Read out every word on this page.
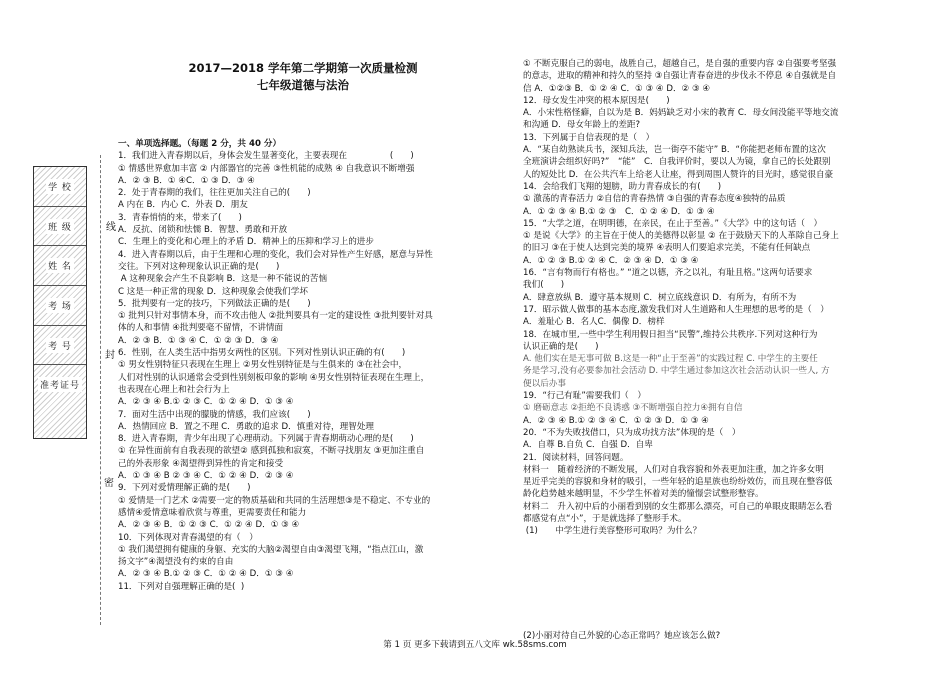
2017—2018 学年第二学期第一次质量检测
七年级道德与法治
学 校
班 级
姓 名
考 场
考 号
准考证号
线
封
密

一、单项选择题。（每题 2 分，共 40 分）

1．我们进入青春期以后，身体会发生显著变化，主要表现在　　　　　(　　)

① 情感世界愈加丰富 ② 内部器官的完善 ③性机能的成熟 ④ 自我意识不断增强

A．② ③ B．① ④C．① ③ D．③ ④

2．处于青春期的我们，往往更加关注自己的(　　)

A 内在 B．内心 C．外表 D．朋友

3．青春悄悄的来，带来了(　　)

A．反抗、闭锁和怯懦 B．智慧、勇敢和开放

C．生理上的变化和心理上的矛盾 D．精神上的压抑和学习上的进步

4．进入青春期以后，由于生理和心理的变化，我们会对异性产生好感，愿意与异性

交往。下列对这种现象认识正确的是(　　)

A 这种现象会产生不良影响 B．这是一种不能说的苦恼

C 这是一种正常的现象 D．这种现象会使我们学坏

5．批判要有一定的技巧，下列做法正确的是(　　)

① 批判只针对事情本身，而不攻击他人 ②批判要具有一定的建设性 ③批判要针对具

体的人和事情 ④批判要毫不留情，不讲情面

A．② ③ B．① ③ ④ C．① ② ③ D．③ ④

6．性别，在人类生活中指男女两性的区别。下列对性别认识正确的有(　　)

① 男女性别特征只表现在生理上 ②男女性别特征是与生俱来的 ③在社会中，

人们对性别的认识通常会受到性别刻板印象的影响 ④男女性别特征表现在生理上，

也表现在心理上和社会行为上

A．② ③ ④ B.① ② ③ C．① ② ④ D．① ③ ④

7．面对生活中出现的朦胧的情感，我们应该(　　)

A．热情回应 B．置之不理 C．勇敢的追求 D．慎重对待，理智处理

8．进入青春期，青少年出现了心理萌动。下列属于青春期萌动心理的是(　　)

① 在异性面前有自我表现的欲望② 感到孤独和寂寞，不断寻找朋友 ③更加注重自

己的外表形象 ④渴望得到异性的肯定和接受

A．① ③ ④ B ② ③ ④ C．① ② ④ D．② ③ ④

9．下列对爱情理解正确的是(　　)

① 爱情是一门艺术 ②需要一定的物质基础和共同的生活理想③是不稳定、不专业的

感情④爱情意味着欣赏与尊重，更需要责任和能力

A．② ③ ④ B．① ② ③ C．① ② ④ D．① ③ ④

10．下列体现对青春渴望的有（　）

① 我们渴望拥有健康的身躯、充实的大脑②渴望自由③渴望飞翔，“指点江山，激

扬文字”④渴望没有约束的自由

A．② ③ ④ B.① ② ③ C．① ② ④ D．① ③ ④

11．下列对自强理解正确的是(  )

① 不断克服自己的弱电，战胜自己，超越自己，是自强的重要内容 ②自强要考坚强

的意志，进取的精神和持久的坚持 ③自强让青春奋进的步伐永不停息 ④自强就是自

信 A．①②③ B．① ② ④ C．① ③ ④ D．② ③ ④

12．母女发生冲突的根本原因是(　　)

A．小宋性格怪癖，自以为是 B．妈妈缺乏对小宋的教育 C．母女间没能平等地交流

和沟通 D．母女年龄上的差距?

13．下列属于自信表现的是（　）

A．“某自幼熟读兵书，深知兵法，岂一街亭不能守” B．“你能把老师布置的这次

全班演讲会组织好吗?”　“能”　C．自我评价时，要以人为镜，拿自己的长处跟别

人的短处比 D．在公共汽车上给老人让座，得到周围人赞许的目光时，感觉很自豪

14．会给我们飞翔的翅膀，助力青春成长的有(　　)

① 激荡的青春活力 ②自信的青春热情 ③自强的青春态度④独特的品质

A．① ② ③ ④ B.① ② ③　C．① ② ④ D．① ③ ④

15．“大学之道，在明明德，在亲民，在止于至善。”《大学》中的这句话（　）

① 是说《大学》的主旨在于使人的美德得以彰显 ② 在于鼓励天下的人革除自己身上

的旧习 ③在于使人达到完美的境界 ④表明人们要追求完美，不能有任何缺点

A．① ② ③ B.① ② ④ C．② ③ ④ D．① ③ ④

16．“言有物而行有格也。” “道之以德，齐之以礼，有耻且格。”这两句话要求

我们(　　)

A．肆意放纵 B．遵守基本规则 C．树立底线意识 D．有所为，有所不为

17．昭示做人做事的基本态度,激发我们对人生道路和人生理想的思考的是（　）

A．羞耻心 B．名人C．偶像 D．榜样

18．在城市里,一些中学生利用假日担当“民警”,维持公共秩序.下列对这种行为

认识正确的是(　　)

A. 他们实在是无事可做 B.这是一种“止于至善”的实践过程 C. 中学生的主要任

务是学习,没有必要参加社会活动 D. 中学生通过参加这次社会活动认识一些人, 方

便以后办事

19．“行己有耻”需要我们（　）

① 磨砺意志 ②拒绝不良诱惑 ③不断增强自控力④拥有自信

A．② ③ ④ B.① ② ③ ④ C．① ② ③ D．① ③ ④

20．“不为失败找借口，只为成功找方法”体现的是（　）

A．自尊 B.自负 C．自强 D．自卑

21．阅读材料，回答问题。

材料一　随着经济的不断发展，人们对自我容貌和外表更加注重，加之许多女明

星近乎完美的容貌和身材的吸引，一些年轻的追星族也纷纷效仿，而且现在整容低

龄化趋势越来越明显，不少学生怀着对美的憧憬尝试整形整容。

材料二　升入初中后的小丽看到别的女生都那么漂亮，可自己的单眼皮眼睛怎么看

都感觉有点“小”，于是就选择了整形手术。

(1)　　中学生进行美容整形可取吗？为什么？

(2)小丽对待自己外貌的心态正常吗？她应该怎么做?

第 1 页 更多下载请到五八文库 wk.58sms.com
